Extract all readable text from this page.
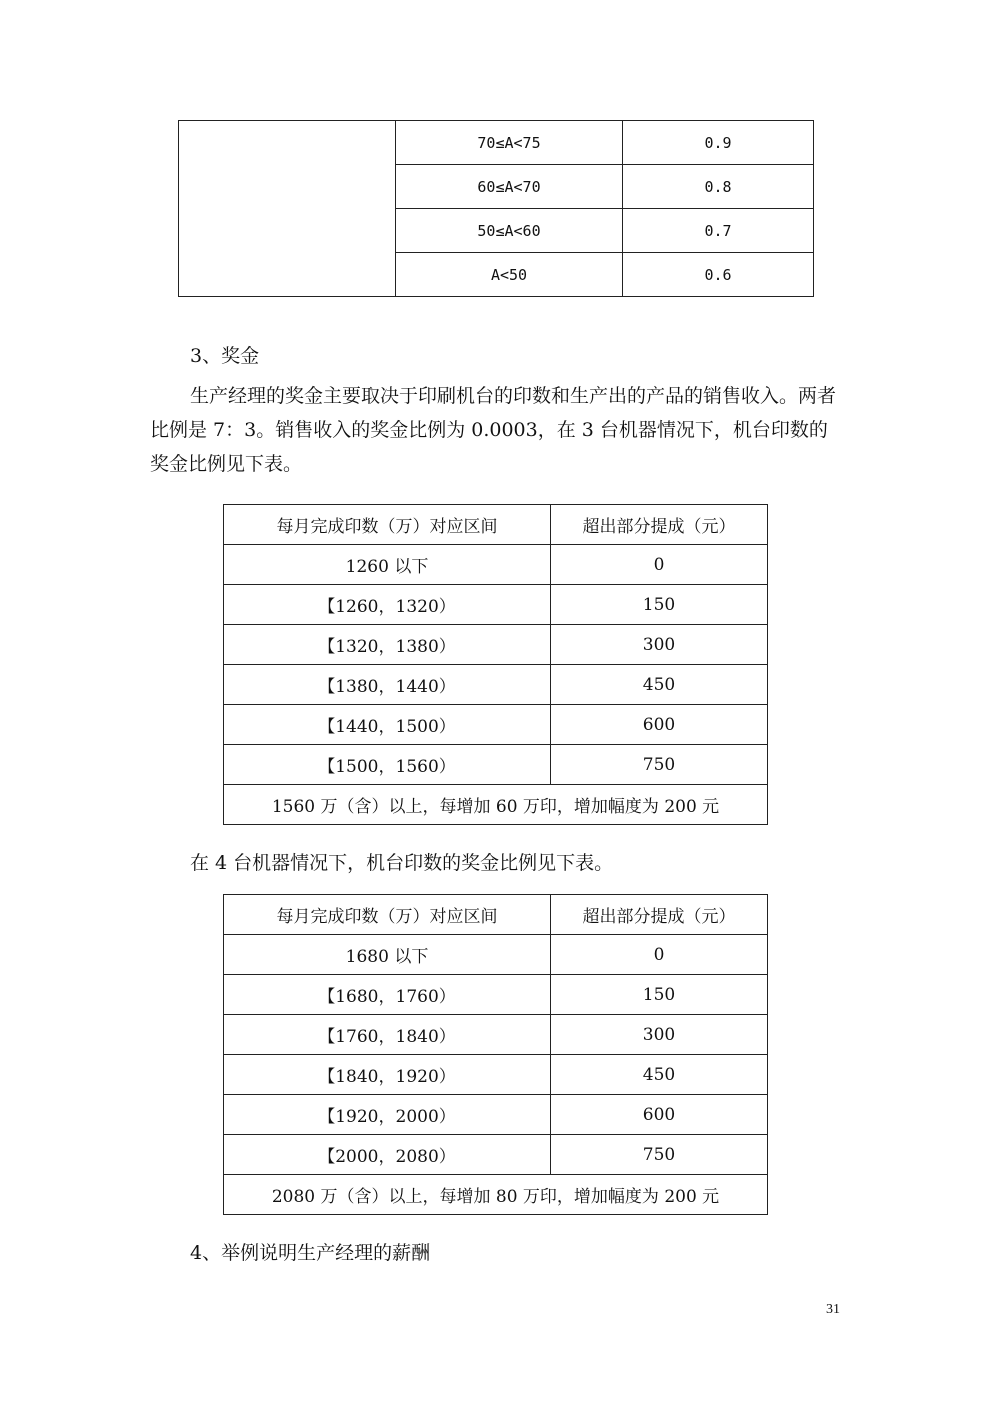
	70≤A<75	0.9
	60≤A<70	0.8
	50≤A<60	0.7
	A<50	0.6

3、奖金

生产经理的奖金主要取决于印刷机台的印数和生产出的产品的销售收入。两者比例是 7：3。销售收入的奖金比例为 0.0003，在 3 台机器情况下，机台印数的奖金比例见下表。

每月完成印数（万）对应区间	超出部分提成（元）
1260 以下	0
【1260，1320）	150
【1320，1380）	300
【1380，1440）	450
【1440，1500）	600
【1500，1560）	750
1560 万（含）以上，每增加 60 万印，增加幅度为 200 元	

在 4 台机器情况下，机台印数的奖金比例见下表。

每月完成印数（万）对应区间	超出部分提成（元）
1680 以下	0
【1680，1760）	150
【1760，1840）	300
【1840，1920）	450
【1920，2000）	600
【2000，2080）	750
2080 万（含）以上，每增加 80 万印，增加幅度为 200 元	

4、举例说明生产经理的薪酬

31
